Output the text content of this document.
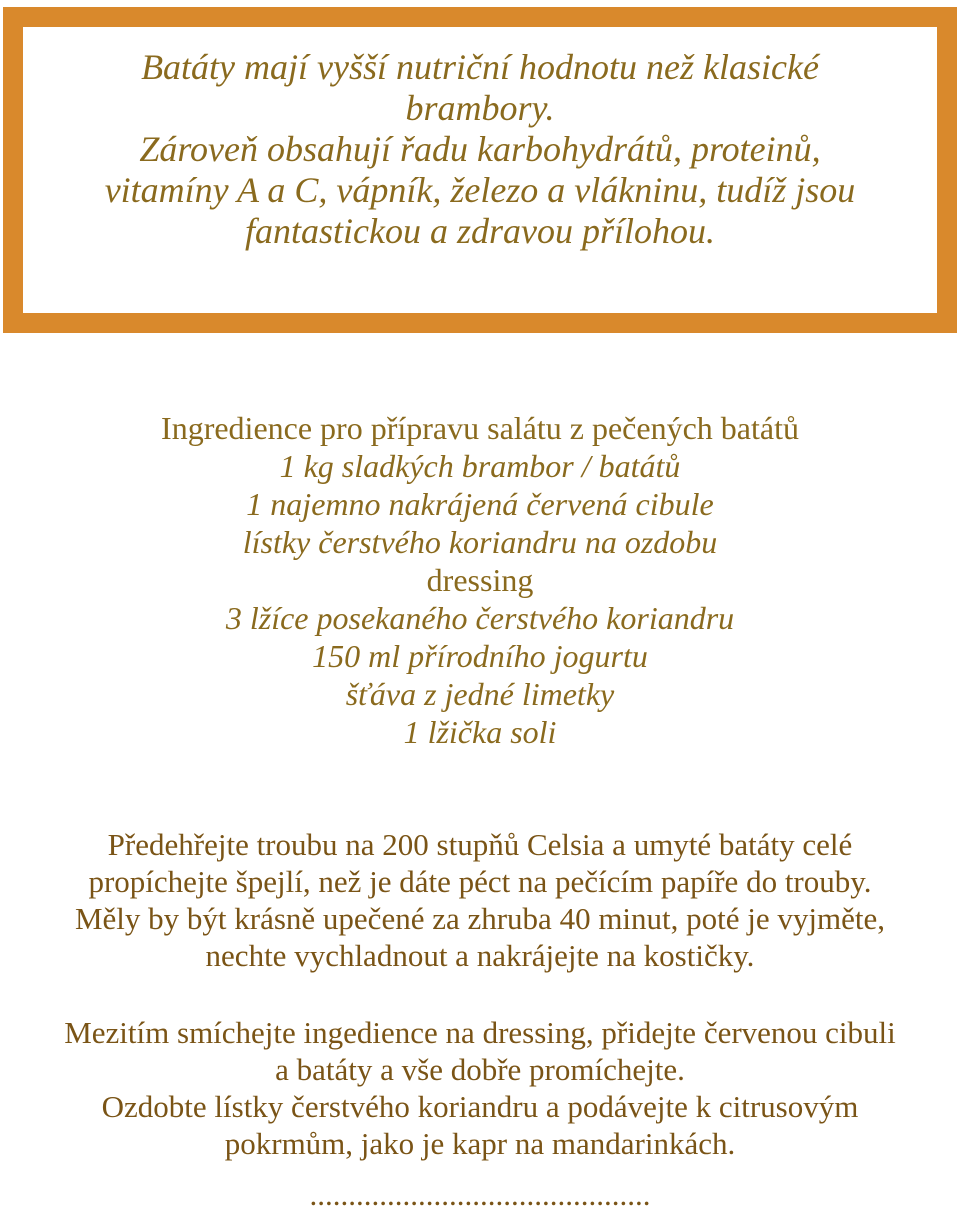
Batáty mají vyšší nutriční hodnotu než klasické
brambory.
Zároveň obsahují řadu karbohydrátů, proteinů,
vitamíny A a C, vápník, železo a vlákninu, tudíž jsou
fantastickou a zdravou přílohou.
Ingredience pro přípravu salátu z pečených batátů
1 kg sladkých brambor / batátů
1 najemno nakrájená červená cibule
lístky čerstvého koriandru na ozdobu
dressing
3 lžíce posekaného čerstvého koriandru
150 ml přírodního jogurtu
šťáva z jedné limetky
1 lžička soli
Předehřejte troubu na 200 stupňů Celsia a umyté batáty celé
propíchejte špejlí, než je dáte péct na pečícím papíře do trouby.
Měly by být krásně upečené za zhruba 40 minut, poté je vyjměte,
nechte vychladnout a nakrájejte na kostičky.
Mezitím smíchejte ingedience na dressing, přidejte červenou cibuli
a batáty a vše dobře promíchejte.
Ozdobte lístky čerstvého koriandru a podávejte k citrusovým
pokrmům, jako je kapr na mandarinkách.
............................................
